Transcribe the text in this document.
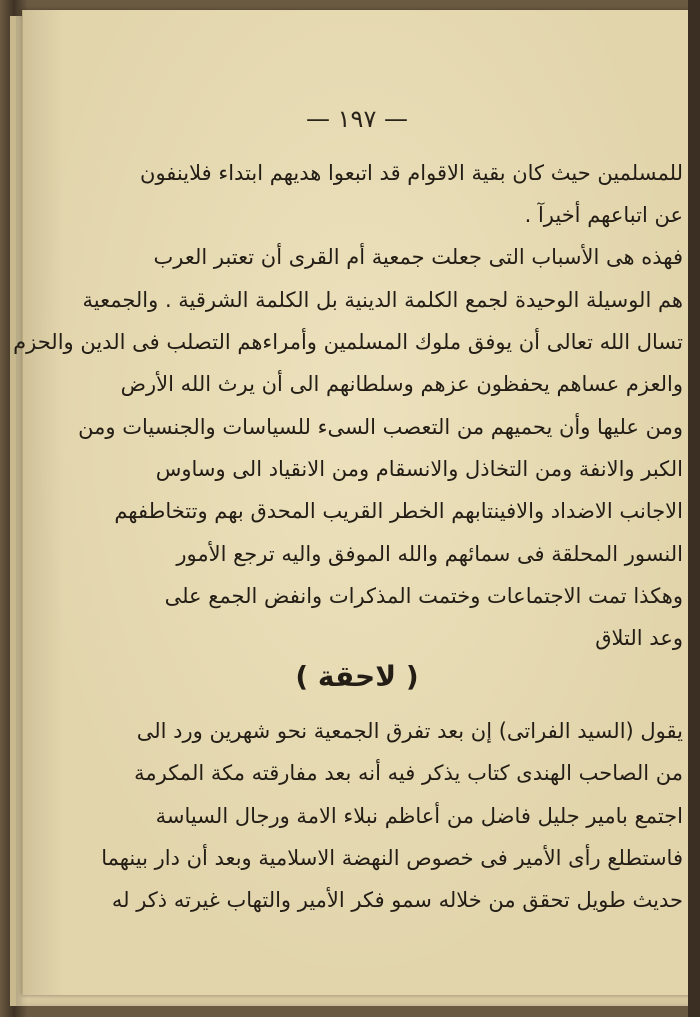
— ١٩٧ —
للمسلمين حيث كان بقية الاقوام قد اتبعوا هديهم ابتداء فلاينفون
عن اتباعهم أخيرآ .
فهذه هى الأسباب التى جعلت جمعية أم القرى أن تعتبر العرب
هم الوسيلة الوحيدة لجمع الكلمة الدينية بل الكلمة الشرقية . والجمعية
تسال الله تعالى أن يوفق ملوك المسلمين وأمراءهم التصلب فى الدين والحزم
والعزم عساهم يحفظون عزهم وسلطانهم الى أن يرث الله الأرض
ومن عليها وأن يحميهم من التعصب السىء للسياسات والجنسيات ومن
الكبر والانفة ومن التخاذل والانسقام ومن الانقياد الى وساوس
الاجانب الاضداد والافينتابهم الخطر القريب المحدق بهم وتتخاطفهم
النسور المحلقة فى سمائهم والله الموفق واليه ترجع الأمور
وهكذا تمت الاجتماعات وختمت المذكرات وانفض الجمع على
وعد التلاق
يقول (السيد الفراتى) إن بعد تفرق الجمعية نحو شهرين ورد الى
من الصاحب الهندى كتاب يذكر فيه أنه بعد مفارقته مكة المكرمة
اجتمع بامير جليل فاضل من أعاظم نبلاء الامة ورجال السياسة
فاستطلع رأى الأمير فى خصوص النهضة الاسلامية وبعد أن دار بينهما
حديث طويل تحقق من خلاله سمو فكر الأمير والتهاب غيرته ذكر له
( لاحقة )
